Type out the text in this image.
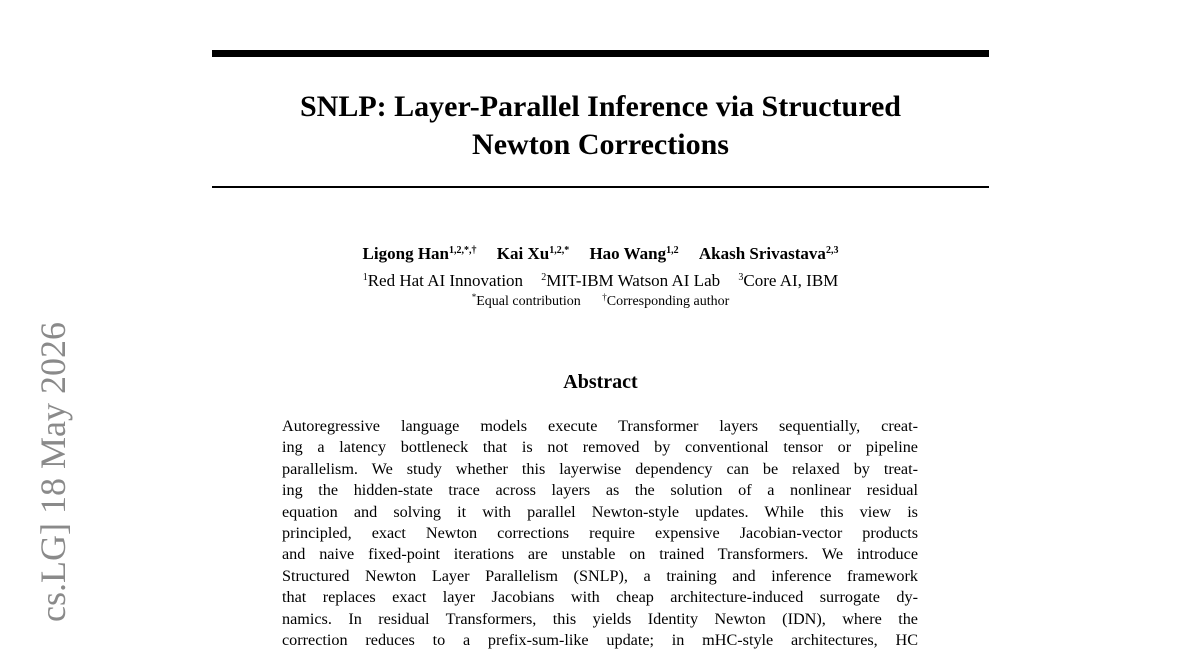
SNLP: Layer-Parallel Inference via Structured
Newton Corrections
Ligong Han$^{1,2,*,\dagger}$ Kai $Xu^{1,2,*}$ Hao Wang$^{1,2}$ Akash Srivastava$^{2,3}$
$^1$Red Hat AI Innovation $^2$MIT-IBM Watson AI Lab $^3$Core AI, IBM
*Equal contribution †Corresponding author
Abstract
Autoregressive language models execute Transformer layers sequentially, creat-
ing a latency bottleneck that is not removed by conventional tensor or pipeline
parallelism. We study whether this layerwise dependency can be relaxed by treat-
ing the hidden-state trace across layers as the solution of a nonlinear residual
equation and solving it with parallel Newton-style updates. While this view is
principled, exact Newton corrections require expensive Jacobian-vector products
and naive fixed-point iterations are unstable on trained Transformers. We introduce
Structured Newton Layer Parallelism (SNLP), a training and inference framework
that replaces exact layer Jacobians with cheap architecture-induced surrogate dy-
namics. In residual Transformers, this yields Identity Newton (IDN), where the
correction reduces to a prefix-sum-like update; in mHC-style architectures, HC
cs.LG] 18 May 2026
